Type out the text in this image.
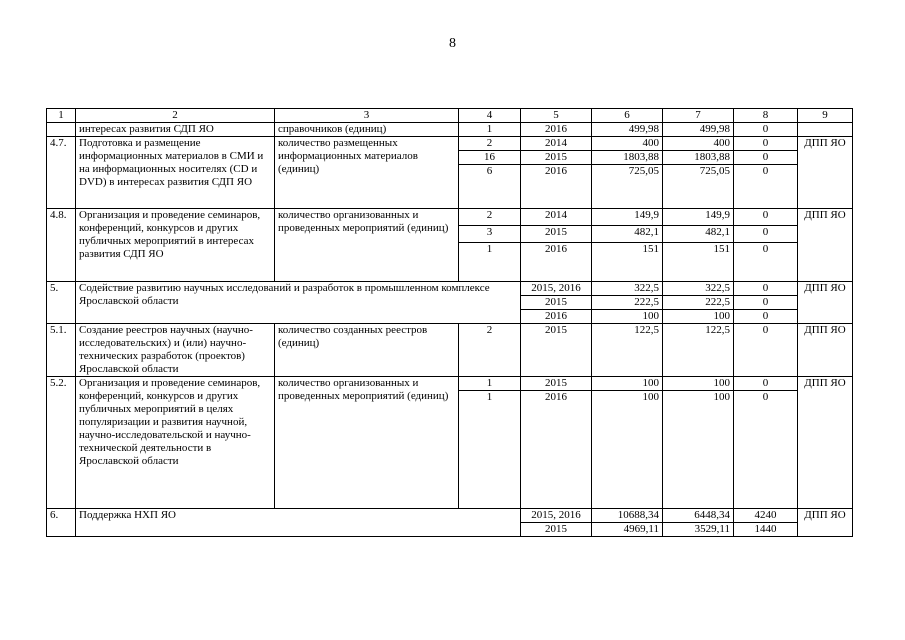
8
1	2	3	4	5	6	7	8	9
	интересах развития СДП ЯО	справочников (единиц)	1	2016	499,98	499,98	0	
4.7.	Подготовка и размещение информационных материалов в СМИ и на информационных носителях (CD и DVD) в интересах развития СДП ЯО	количество размещенных информационных материалов (единиц)	2	2014	400	400	0	ДПП ЯО
			16	2015	1803,88	1803,88	0	
			6	2016	725,05	725,05	0	
4.8.	Организация и проведение семинаров, конференций, конкурсов и других публичных мероприятий в интересах развития СДП ЯО	количество организованных и проведенных мероприятий (единиц)	2	2014	149,9	149,9	0	ДПП ЯО
			3	2015	482,1	482,1	0	
			1	2016	151	151	0	
5.	Содействие развитию научных исследований и разработок в промышленном комплексе Ярославской области			2015, 2016	322,5	322,5	0	ДПП ЯО
				2015	222,5	222,5	0	
				2016	100	100	0	
5.1.	Создание реестров научных (научно-исследовательских) и (или) научно-технических разработок (проектов) Ярославской области	количество созданных реестров (единиц)	2	2015	122,5	122,5	0	ДПП ЯО
5.2.	Организация и проведение семинаров, конференций, конкурсов и других публичных мероприятий в целях популяризации и развития научной, научно-исследовательской и научно-технической деятельности в Ярославской области	количество организованных и проведенных мероприятий (единиц)	1	2015	100	100	0	ДПП ЯО
			1	2016	100	100	0	
6.	Поддержка НХП ЯО			2015, 2016	10688,34	6448,34	4240	ДПП ЯО
				2015	4969,11	3529,11	1440	
